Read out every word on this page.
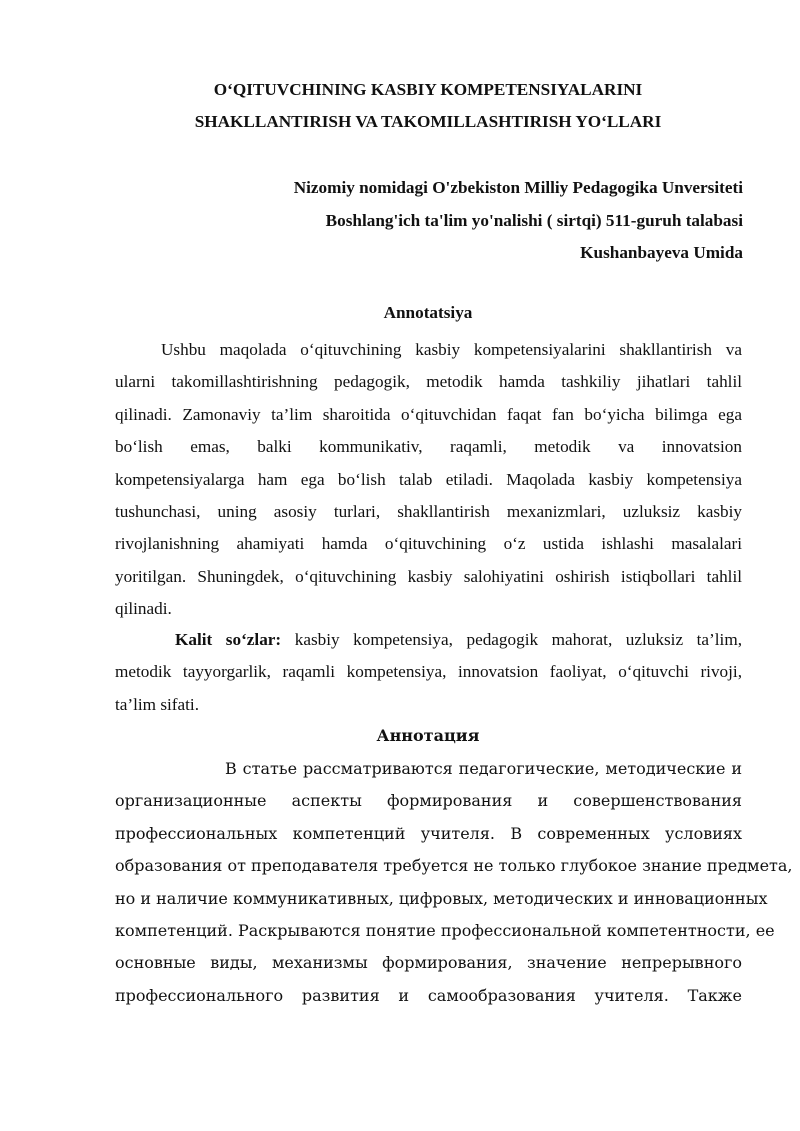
O‘QITUVCHINING KASBIY KOMPETENSIYALARINI
SHAKLLANTIRISH VA TAKOMILLASHTIRISH YO‘LLARI
Nizomiy nomidagi O'zbekiston Milliy Pedagogika Unversiteti
Boshlang'ich ta'lim yo'nalishi ( sirtqi) 511-guruh talabasi
Kushanbayeva Umida
Annotatsiya
Ushbu maqolada o‘qituvchining kasbiy kompetensiyalarini shakllantirish va
ularni takomillashtirishning pedagogik, metodik hamda tashkiliy jihatlari tahlil
qilinadi. Zamonaviy ta’lim sharoitida o‘qituvchidan faqat fan bo‘yicha bilimga ega
bo‘lish emas, balki kommunikativ, raqamli, metodik va innovatsion
kompetensiyalarga ham ega bo‘lish talab etiladi. Maqolada kasbiy kompetensiya
tushunchasi, uning asosiy turlari, shakllantirish mexanizmlari, uzluksiz kasbiy
rivojlanishning ahamiyati hamda o‘qituvchining o‘z ustida ishlashi masalalari
yoritilgan. Shuningdek, o‘qituvchining kasbiy salohiyatini oshirish istiqbollari tahlil
qilinadi.
Kalit so‘zlar: kasbiy kompetensiya, pedagogik mahorat, uzluksiz ta’lim,
metodik tayyorgarlik, raqamli kompetensiya, innovatsion faoliyat, o‘qituvchi rivoji,
ta’lim sifati.
Аннотация
В статье рассматриваются педагогические, методические и
организационные аспекты формирования и совершенствования
профессиональных компетенций учителя. В современных условиях
образования от преподавателя требуется не только глубокое знание предмета,
но и наличие коммуникативных, цифровых, методических и инновационных
компетенций. Раскрываются понятие профессиональной компетентности, ее
основные виды, механизмы формирования, значение непрерывного
профессионального развития и самообразования учителя. Также
